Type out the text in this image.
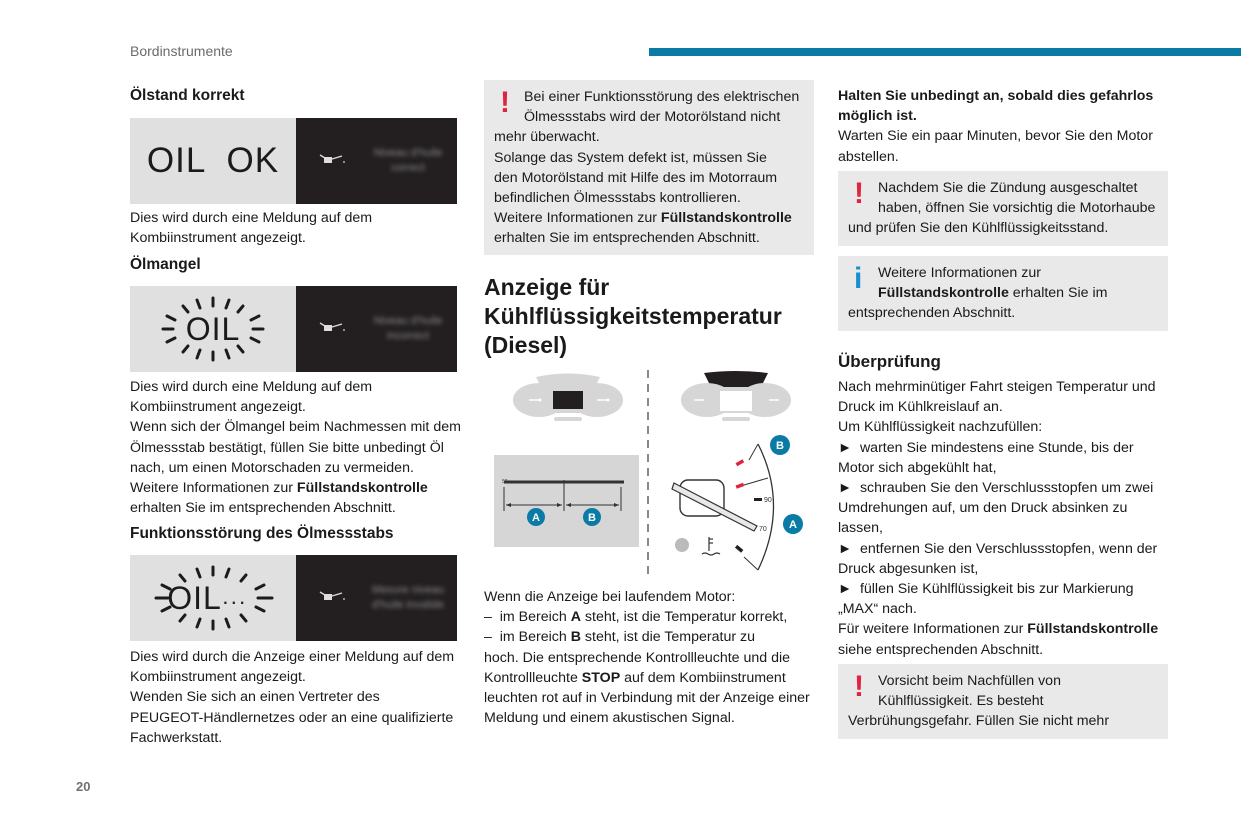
Bordinstrumente
20
Ölstand korrekt
OIL  OK	Niveau d'huile correct
Dies wird durch eine Meldung auf dem
Kombiinstrument angezeigt.
Ölmangel
OIL	Niveau d'huile incorrect
Dies wird durch eine Meldung auf dem
Kombiinstrument angezeigt.
Wenn sich der Ölmangel beim Nachmessen mit dem
Ölmessstab bestätigt, füllen Sie bitte unbedingt Öl
nach, um einen Motorschaden zu vermeiden.
Weitere Informationen zur Füllstandskontrolle
erhalten Sie im entsprechenden Abschnitt.
Funktionsstörung des Ölmessstabs
OIL···	Mesure niveau d'huile invalide
Dies wird durch die Anzeige einer Meldung auf dem
Kombiinstrument angezeigt.
Wenden Sie sich an einen Vertreter des
PEUGEOT-Händlernetzes oder an eine qualifizierte
Fachwerkstatt.
! Bei einer Funktionsstörung des elektrischen
Ölmessstabs wird der Motorölstand nicht
mehr überwacht.
Solange das System defekt ist, müssen Sie
den Motorölstand mit Hilfe des im Motorraum
befindlichen Ölmessstabs kontrollieren.
Weitere Informationen zur Füllstandskontrolle
erhalten Sie im entsprechenden Abschnitt.
Anzeige für
Kühlflüssigkeitstemperatur
(Diesel)
50
A	B
90
70
B
A
Wenn die Anzeige bei laufendem Motor:
–  im Bereich A steht, ist die Temperatur korrekt,
–  im Bereich B steht, ist die Temperatur zu
hoch. Die entsprechende Kontrollleuchte und die
Kontrollleuchte STOP auf dem Kombiinstrument
leuchten rot auf in Verbindung mit der Anzeige einer
Meldung und einem akustischen Signal.
Halten Sie unbedingt an, sobald dies gefahrlos
möglich ist.
Warten Sie ein paar Minuten, bevor Sie den Motor
abstellen.
! Nachdem Sie die Zündung ausgeschaltet
haben, öffnen Sie vorsichtig die Motorhaube
und prüfen Sie den Kühlflüssigkeitsstand.
i	Weitere Informationen zur
Füllstandskontrolle erhalten Sie im
entsprechenden Abschnitt.
Überprüfung
Nach mehrminütiger Fahrt steigen Temperatur und
Druck im Kühlkreislauf an.
Um Kühlflüssigkeit nachzufüllen:
► warten Sie mindestens eine Stunde, bis der
Motor sich abgekühlt hat,
► schrauben Sie den Verschlussstopfen um zwei
Umdrehungen auf, um den Druck absinken zu
lassen,
► entfernen Sie den Verschlussstopfen, wenn der
Druck abgesunken ist,
► füllen Sie Kühlflüssigkeit bis zur Markierung
„MAX“ nach.
Für weitere Informationen zur Füllstandskontrolle
siehe entsprechenden Abschnitt.
! Vorsicht beim Nachfüllen von
Kühlflüssigkeit. Es besteht
Verbrühungsgefahr. Füllen Sie nicht mehr
